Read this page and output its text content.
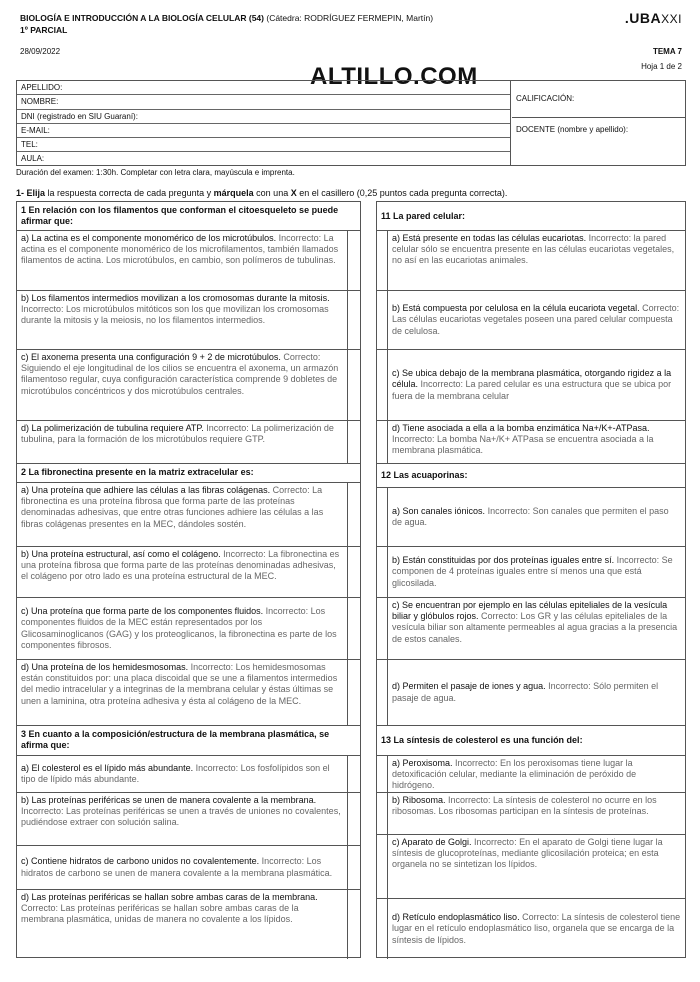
BIOLOGÍA E INTRODUCCIÓN A LA BIOLOGÍA CELULAR (54) (Cátedra: RODRÍGUEZ FERMEPIN, Martín)
1º PARCIAL
.UBAXXI
28/09/2022	TEMA 7
Hoja 1 de 2
ALTILLO.COM
APELLIDO:
NOMBRE:
DNI (registrado en SIU Guaraní):
E-MAIL:
TEL:
AULA:
CALIFICACIÓN:
DOCENTE (nombre y apellido):
Duración del examen: 1:30h. Completar con letra clara, mayúscula e imprenta.
1- Elija la respuesta correcta de cada pregunta y márquela con una X en el casillero (0,25 puntos cada pregunta correcta).
1 En relación con los filamentos que conforman el citoesqueleto se puede afirmar que:
a) La actina es el componente monomérico de los microtúbulos. Incorrecto: La actina es el componente monomérico de los microfilamentos, también llamados filamentos de actina. Los microtúbulos, en cambio, son polímeros de tubulinas.
b) Los filamentos intermedios movilizan a los cromosomas durante la mitosis. Incorrecto: Los microtúbulos mitóticos son los que movilizan los cromosomas durante la mitosis y la meiosis, no los filamentos intermedios.
c) El axonema presenta una configuración 9 + 2 de microtúbulos. Correcto: Siguiendo el eje longitudinal de los cilios se encuentra el axonema, un armazón filamentoso regular, cuya configuración característica comprende 9 dobletes de microtúbulos concéntricos y dos microtúbulos centrales.
d) La polimerización de tubulina requiere ATP. Incorrecto: La polimerización de tubulina, para la formación de los microtúbulos requiere GTP.
2 La fibronectina presente en la matriz extracelular es:
a) Una proteína que adhiere las células a las fibras colágenas. Correcto: La fibronectina es una proteína fibrosa que forma parte de las proteínas denominadas adhesivas, que entre otras funciones adhiere las células a las fibras colágenas presentes en la MEC, dándoles sostén.
b) Una proteína estructural, así como el colágeno. Incorrecto: La fibronectina es una proteína fibrosa que forma parte de las proteínas denominadas adhesivas, el colágeno por otro lado es una proteína estructural de la MEC.
c) Una proteína que forma parte de los componentes fluidos. Incorrecto: Los componentes fluidos de la MEC están representados por los Glicosaminoglicanos (GAG) y los proteoglicanos, la fibronectina es parte de los componentes fibrosos.
d) Una proteína de los hemidesmosomas. Incorrecto: Los hemidesmosomas están constituidos por: una placa discoidal que se une a filamentos intermedios del medio intracelular y a integrinas de la membrana celular y éstas últimas se unen a laminina, otra proteína adhesiva y ésta al colágeno de la MEC.
3 En cuanto a la composición/estructura de la membrana plasmática, se afirma que:
a) El colesterol es el lípido más abundante. Incorrecto: Los fosfolípidos son el tipo de lípido más abundante.
b) Las proteínas periféricas se unen de manera covalente a la membrana. Incorrecto: Las proteínas periféricas se unen a través de uniones no covalentes, pudiéndose extraer con solución salina.
c) Contiene hidratos de carbono unidos no covalentemente. Incorrecto: Los hidratos de carbono se unen de manera covalente a la membrana plasmática.
d) Las proteínas periféricas se hallan sobre ambas caras de la membrana. Correcto: Las proteínas periféricas se hallan sobre ambas caras de la membrana plasmática, unidas de manera no covalente a los lípidos.
11 La pared celular:
a) Está presente en todas las células eucariotas. Incorrecto: la pared celular sólo se encuentra presente en las células eucariotas vegetales, no así en las eucariotas animales.
b) Está compuesta por celulosa en la célula eucariota vegetal. Correcto: Las células eucariotas vegetales poseen una pared celular compuesta de celulosa.
c) Se ubica debajo de la membrana plasmática, otorgando rigidez a la célula. Incorrecto: La pared celular es una estructura que se ubica por fuera de la membrana celular
d) Tiene asociada a ella a la bomba enzimática Na+/K+-ATPasa. Incorrecto: La bomba Na+/K+ ATPasa se encuentra asociada a la membrana plasmática.
12 Las acuaporinas:
a) Son canales iónicos. Incorrecto: Son canales que permiten el paso de agua.
b) Están constituidas por dos proteínas iguales entre sí. Incorrecto: Se componen de 4 proteínas iguales entre sí menos una que está glicosilada.
c) Se encuentran por ejemplo en las células epiteliales de la vesícula biliar y glóbulos rojos. Correcto: Los GR y las células epiteliales de la vesícula biliar son altamente permeables al agua gracias a la presencia de estos canales.
d) Permiten el pasaje de iones y agua. Incorrecto: Sólo permiten el pasaje de agua.
13 La síntesis de colesterol es una función del:
a) Peroxisoma. Incorrecto: En los peroxisomas tiene lugar la detoxificación celular, mediante la eliminación de peróxido de hidrógeno.
b) Ribosoma. Incorrecto: La síntesis de colesterol no ocurre en los ribosomas. Los ribosomas participan en la síntesis de proteínas.
c) Aparato de Golgi. Incorrecto: En el aparato de Golgi tiene lugar la síntesis de glucoproteínas, mediante glicosilación proteica; en esta organela no se sintetizan los lípidos.
d) Retículo endoplasmático liso. Correcto: La síntesis de colesterol tiene lugar en el retículo endoplasmático liso, organela que se encarga de la síntesis de lípidos.
